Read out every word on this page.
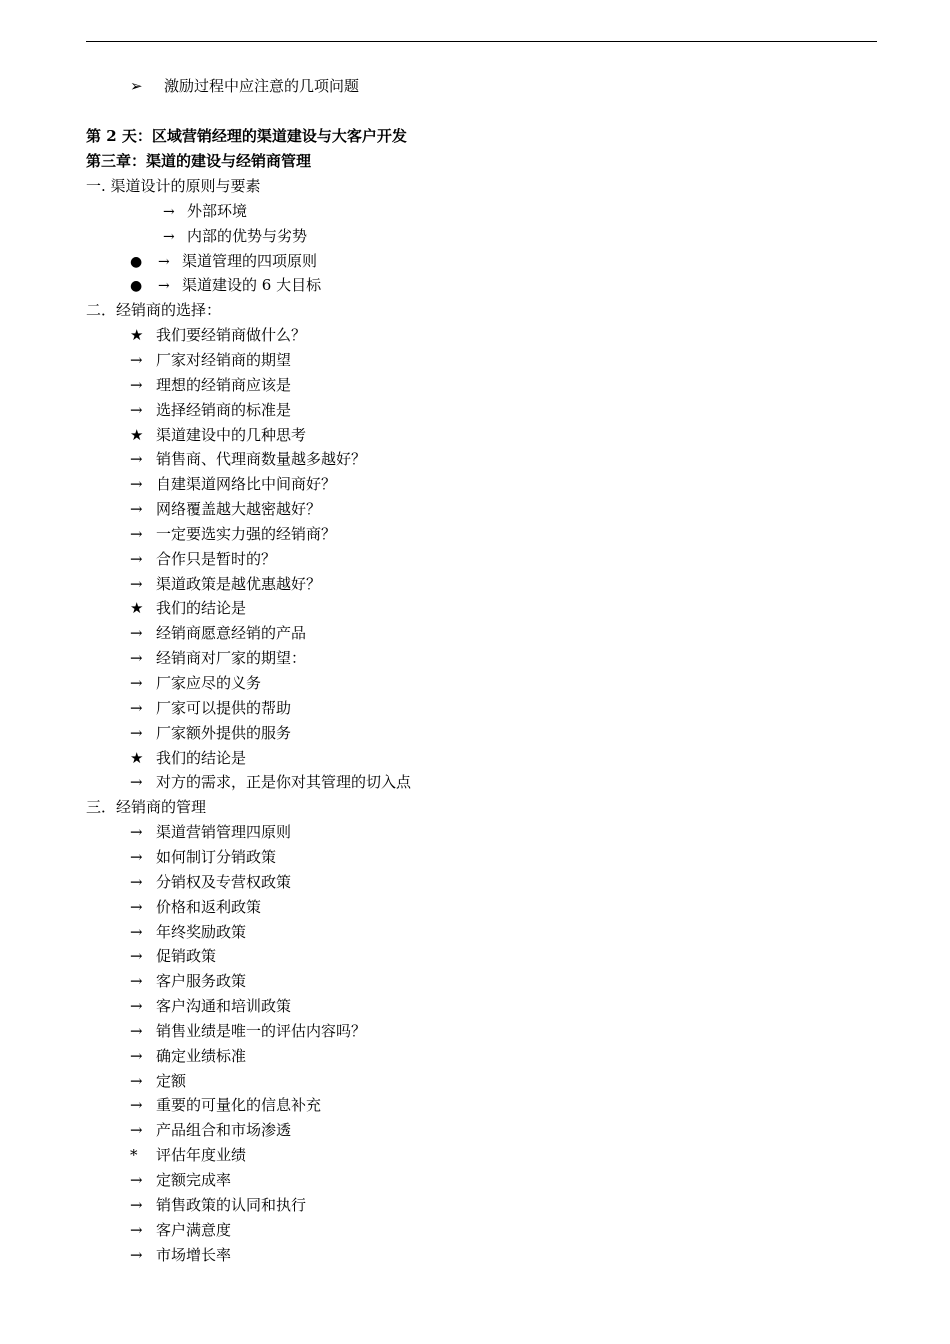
➢ 激励过程中应注意的几项问题
第 2 天：区域营销经理的渠道建设与大客户开发
第三章：渠道的建设与经销商管理
一. 渠道设计的原则与要素
→ 外部环境
→ 内部的优势与劣势
● → 渠道管理的四项原则
● → 渠道建设的 6 大目标
二．经销商的选择：
★ 我们要经销商做什么？
→ 厂家对经销商的期望
→ 理想的经销商应该是
→ 选择经销商的标准是
★ 渠道建设中的几种思考
→ 销售商、代理商数量越多越好？
→ 自建渠道网络比中间商好？
→ 网络覆盖越大越密越好？
→ 一定要选实力强的经销商？
→ 合作只是暂时的？
→ 渠道政策是越优惠越好？
★ 我们的结论是
→ 经销商愿意经销的产品
→ 经销商对厂家的期望：
→ 厂家应尽的义务
→ 厂家可以提供的帮助
→ 厂家额外提供的服务
★ 我们的结论是
→ 对方的需求，正是你对其管理的切入点
三．经销商的管理
→ 渠道营销管理四原则
→ 如何制订分销政策
→ 分销权及专营权政策
→ 价格和返利政策
→ 年终奖励政策
→ 促销政策
→ 客户服务政策
→ 客户沟通和培训政策
→ 销售业绩是唯一的评估内容吗？
→ 确定业绩标准
→ 定额
→ 重要的可量化的信息补充
→ 产品组合和市场渗透
* 评估年度业绩
→ 定额完成率
→ 销售政策的认同和执行
→ 客户满意度
→ 市场增长率
